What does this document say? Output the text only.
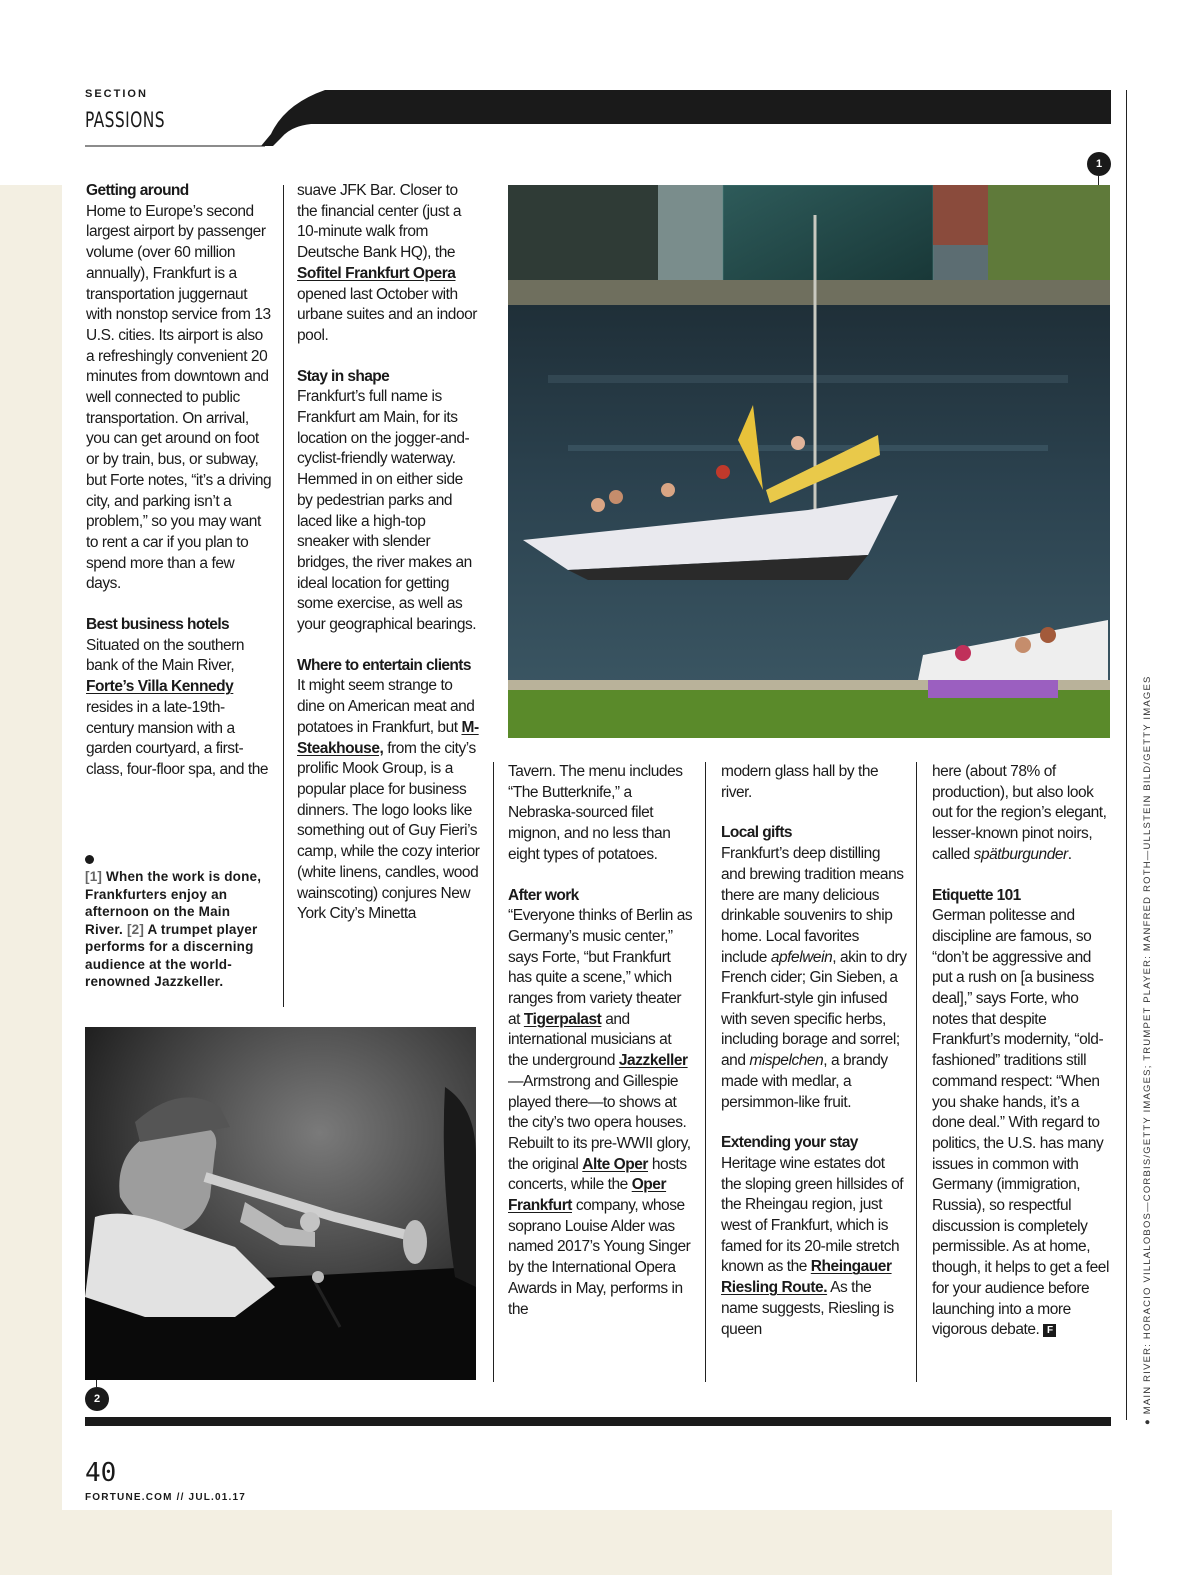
SECTION
PASSIONS
Getting around

Home to Europe’s second largest airport by passenger volume (over 60 million annually), Frankfurt is a transportation juggernaut with nonstop service from 13 U.S. cities. Its airport is also a refreshingly convenient 20 minutes from downtown and well connected to public transportation. On arrival, you can get around on foot or by train, bus, or subway, but Forte notes, “it’s a driving city, and parking isn’t a problem,” so you may want to rent a car if you plan to spend more than a few days.

Best business hotels

Situated on the southern bank of the Main River, Forte’s Villa Kennedy resides in a late-19th-century mansion with a garden courtyard, a first-class, four-floor spa, and the

[1] When the work is done, Frankfurters enjoy an afternoon on the Main River. [2] A trumpet player performs for a discerning audience at the world-renowned Jazzkeller.

suave JFK Bar. Closer to the financial center (just a 10-minute walk from Deutsche Bank HQ), the Sofitel Frankfurt Opera opened last October with urbane suites and an indoor pool.

Stay in shape

Frankfurt’s full name is Frankfurt am Main, for its location on the jogger-and-cyclist-friendly waterway. Hemmed in on either side by pedestrian parks and laced like a high-top sneaker with slender bridges, the river makes an ideal location for getting some exercise, as well as your geographical bearings.

Where to entertain clients

It might seem strange to dine on American meat and potatoes in Frankfurt, but M-Steakhouse, from the city’s prolific Mook Group, is a popular place for business dinners. The logo looks like something out of Guy Fieri’s camp, while the cozy interior (white linens, candles, wood wainscoting) conjures New York City’s Minetta

Tavern. The menu includes “The Butterknife,” a Nebraska-sourced filet mignon, and no less than eight types of potatoes.

After work

“Everyone thinks of Berlin as Germany’s music center,” says Forte, “but Frankfurt has quite a scene,” which ranges from variety theater at Tigerpalast and international musicians at the underground Jazzkeller—Armstrong and Gillespie played there—to shows at the city’s two opera houses. Rebuilt to its pre-WWII glory, the original Alte Oper hosts concerts, while the Oper Frankfurt company, whose soprano Louise Alder was named 2017’s Young Singer by the International Opera Awards in May, performs in the

modern glass hall by the river.

Local gifts

Frankfurt’s deep distilling and brewing tradition means there are many delicious drinkable souvenirs to ship home. Local favorites include apfelwein, akin to dry French cider; Gin Sieben, a Frankfurt-style gin infused with seven specific herbs, including borage and sorrel; and mispelchen, a brandy made with medlar, a persimmon-like fruit.

Extending your stay

Heritage wine estates dot the sloping green hillsides of the Rheingau region, just west of Frankfurt, which is famed for its 20-mile stretch known as the Rheingauer Riesling Route. As the name suggests, Riesling is queen

here (about 78% of production), but also look out for the region’s elegant, lesser-known pinot noirs, called spätburgunder.

Etiquette 101

German politesse and discipline are famous, so “don’t be aggressive and put a rush on [a business deal],” says Forte, who notes that despite Frankfurt’s modernity, “old-fashioned” traditions still command respect: “When you shake hands, it’s a done deal.” With regard to politics, the U.S. has many issues in common with Germany (immigration, Russia), so respectful discussion is completely permissible. As at home, though, it helps to get a feel for your audience before launching into a more vigorous debate. F

1
2
● MAIN RIVER: HORACIO VILLALOBOS—CORBIS/GETTY IMAGES; TRUMPET PLAYER: MANFRED ROTH—ULLSTEIN BILD/GETTY IMAGES
40
FORTUNE.COM // JUL.01.17
